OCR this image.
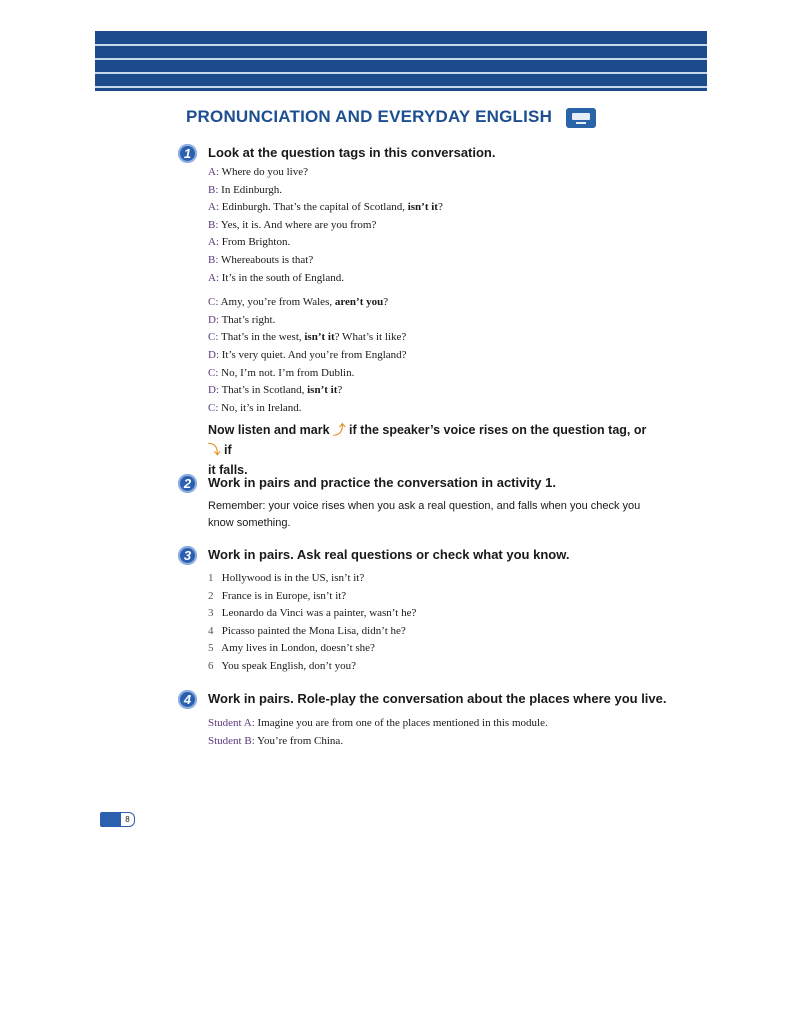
PRONUNCIATION AND EVERYDAY ENGLISH
1	Look at the question tags in this conversation.
A: Where do you live?
B: In Edinburgh.
A: Edinburgh. That’s the capital of Scotland, isn’t it?
B: Yes, it is. And where are you from?
A: From Brighton.
B: Whereabouts is that?
A: It’s in the south of England.
C: Amy, you’re from Wales, aren’t you?
D: That’s right.
C: That’s in the west, isn’t it? What’s it like?
D: It’s very quiet. And you’re from England?
C: No, I’m not. I’m from Dublin.
D: That’s in Scotland, isn’t it?
C: No, it’s in Ireland.
Now listen and mark ⤴ if the speaker’s voice rises on the question tag, or ⤵ if
it falls.
2	Work in pairs and practice the conversation in activity 1.
Remember: your voice rises when you ask a real question, and falls when you check you know something.
3	Work in pairs. Ask real questions or check what you know.
1 Hollywood is in the US, isn’t it?
2 France is in Europe, isn’t it?
3 Leonardo da Vinci was a painter, wasn’t he?
4 Picasso painted the Mona Lisa, didn’t he?
5 Amy lives in London, doesn’t she?
6 You speak English, don’t you?
4	Work in pairs. Role-play the conversation about the places where you live.
Student A: Imagine you are from one of the places mentioned in this module.
Student B: You’re from China.
8
